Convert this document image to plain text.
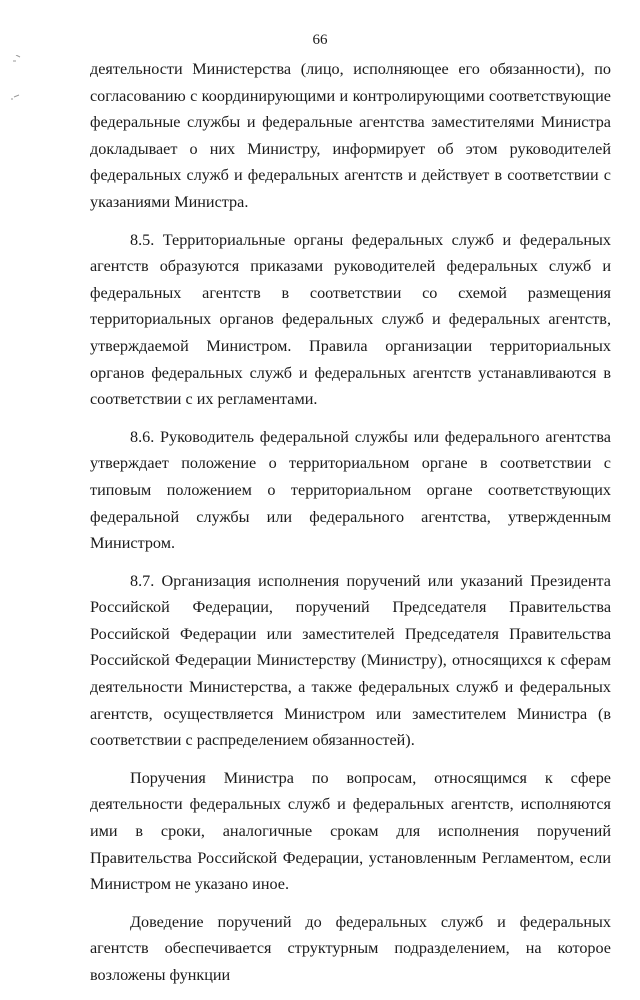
66

деятельности Министерства (лицо, исполняющее его обязанности), по согласованию с координирующими и контролирующими соответствующие федеральные службы и федеральные агентства заместителями Министра докладывает о них Министру, информирует об этом руководителей федеральных служб и федеральных агентств и действует в соответствии с указаниями Министра.

8.5. Территориальные органы федеральных служб и федеральных агентств образуются приказами руководителей федеральных служб и федеральных агентств в соответствии со схемой размещения территориальных органов федеральных служб и федеральных агентств, утверждаемой Министром. Правила организации территориальных органов федеральных служб и федеральных агентств устанавливаются в соответствии с их регламентами.

8.6. Руководитель федеральной службы или федерального агентства утверждает положение о территориальном органе в соответствии с типовым положением о территориальном органе соответствующих федеральной службы или федерального агентства, утвержденным Министром.

8.7. Организация исполнения поручений или указаний Президента Российской Федерации, поручений Председателя Правительства Российской Федерации или заместителей Председателя Правительства Российской Федерации Министерству (Министру), относящихся к сферам деятельности Министерства, а также федеральных служб и федеральных агентств, осуществляется Министром или заместителем Министра (в соответствии с распределением обязанностей).

Поручения Министра по вопросам, относящимся к сфере деятельности федеральных служб и федеральных агентств, исполняются ими в сроки, аналогичные срокам для исполнения поручений Правительства Российской Федерации, установленным Регламентом, если Министром не указано иное.

Доведение поручений до федеральных служб и федеральных агентств обеспечивается структурным подразделением, на которое возложены функции
